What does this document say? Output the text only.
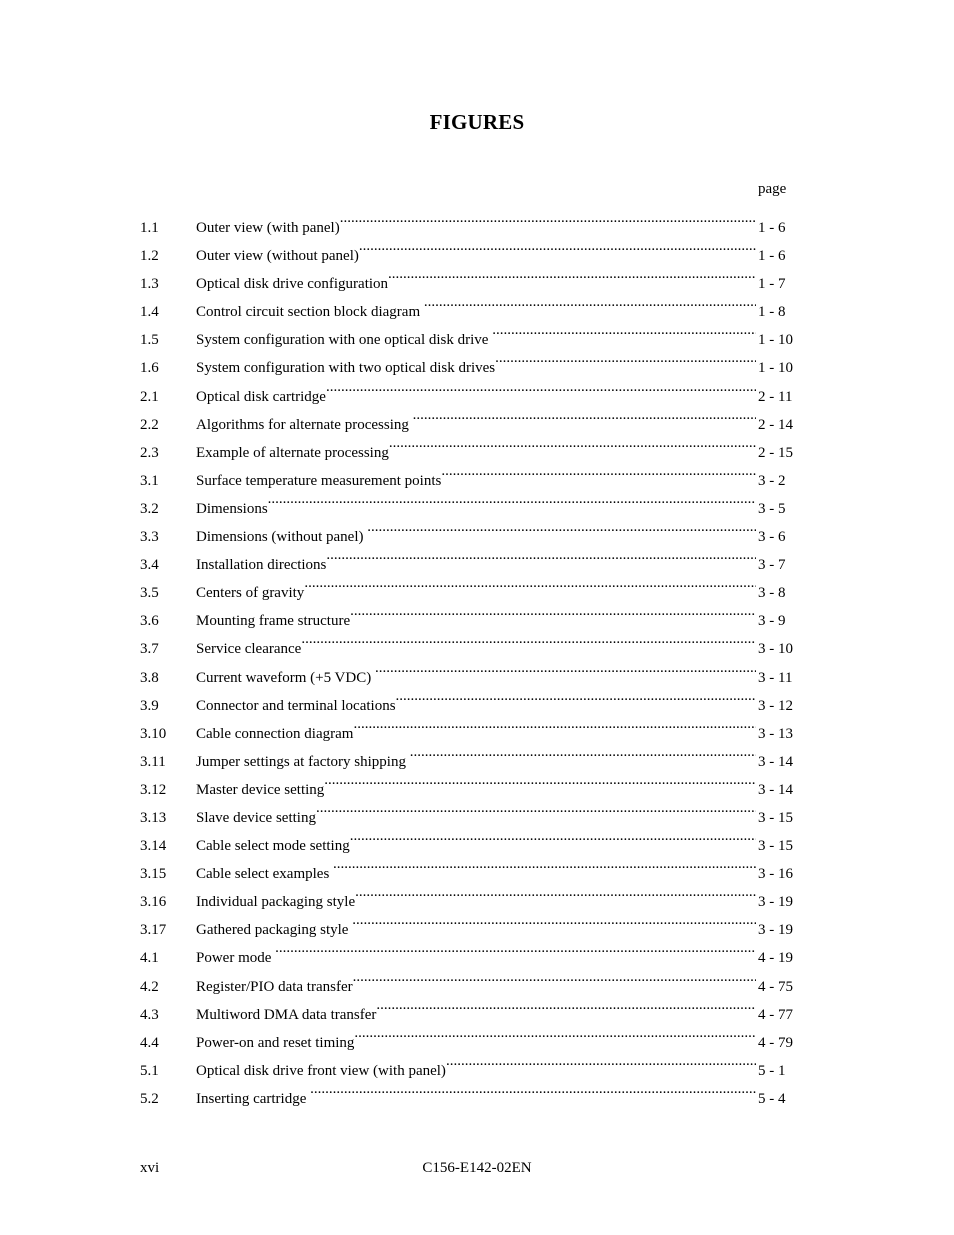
FIGURES
page
1.1	Outer view (with panel) .....	1 - 6
1.2	Outer view (without panel) .....	1 - 6
1.3	Optical disk drive configuration .....	1 - 7
1.4	Control circuit section block diagram .....	1 - 8
1.5	System configuration with one optical disk drive .....	1 - 10
1.6	System configuration with two optical disk drives .....	1 - 10
2.1	Optical disk cartridge .....	2 - 11
2.2	Algorithms for alternate processing .....	2 - 14
2.3	Example of alternate processing .....	2 - 15
3.1	Surface temperature measurement points .....	3 - 2
3.2	Dimensions .....	3 - 5
3.3	Dimensions (without panel) .....	3 - 6
3.4	Installation directions .....	3 - 7
3.5	Centers of gravity .....	3 - 8
3.6	Mounting frame structure .....	3 - 9
3.7	Service clearance .....	3 - 10
3.8	Current waveform (+5 VDC) .....	3 - 11
3.9	Connector and terminal locations .....	3 - 12
3.10	Cable connection diagram .....	3 - 13
3.11	Jumper settings at factory shipping .....	3 - 14
3.12	Master device setting .....	3 - 14
3.13	Slave device setting .....	3 - 15
3.14	Cable select mode setting .....	3 - 15
3.15	Cable select examples .....	3 - 16
3.16	Individual packaging style .....	3 - 19
3.17	Gathered packaging style .....	3 - 19
4.1	Power mode .....	4 - 19
4.2	Register/PIO data transfer .....	4 - 75
4.3	Multiword DMA data transfer .....	4 - 77
4.4	Power-on and reset timing .....	4 - 79
5.1	Optical disk drive front view (with panel) .....	5 - 1
5.2	Inserting cartridge .....	5 - 4
xvi	C156-E142-02EN
